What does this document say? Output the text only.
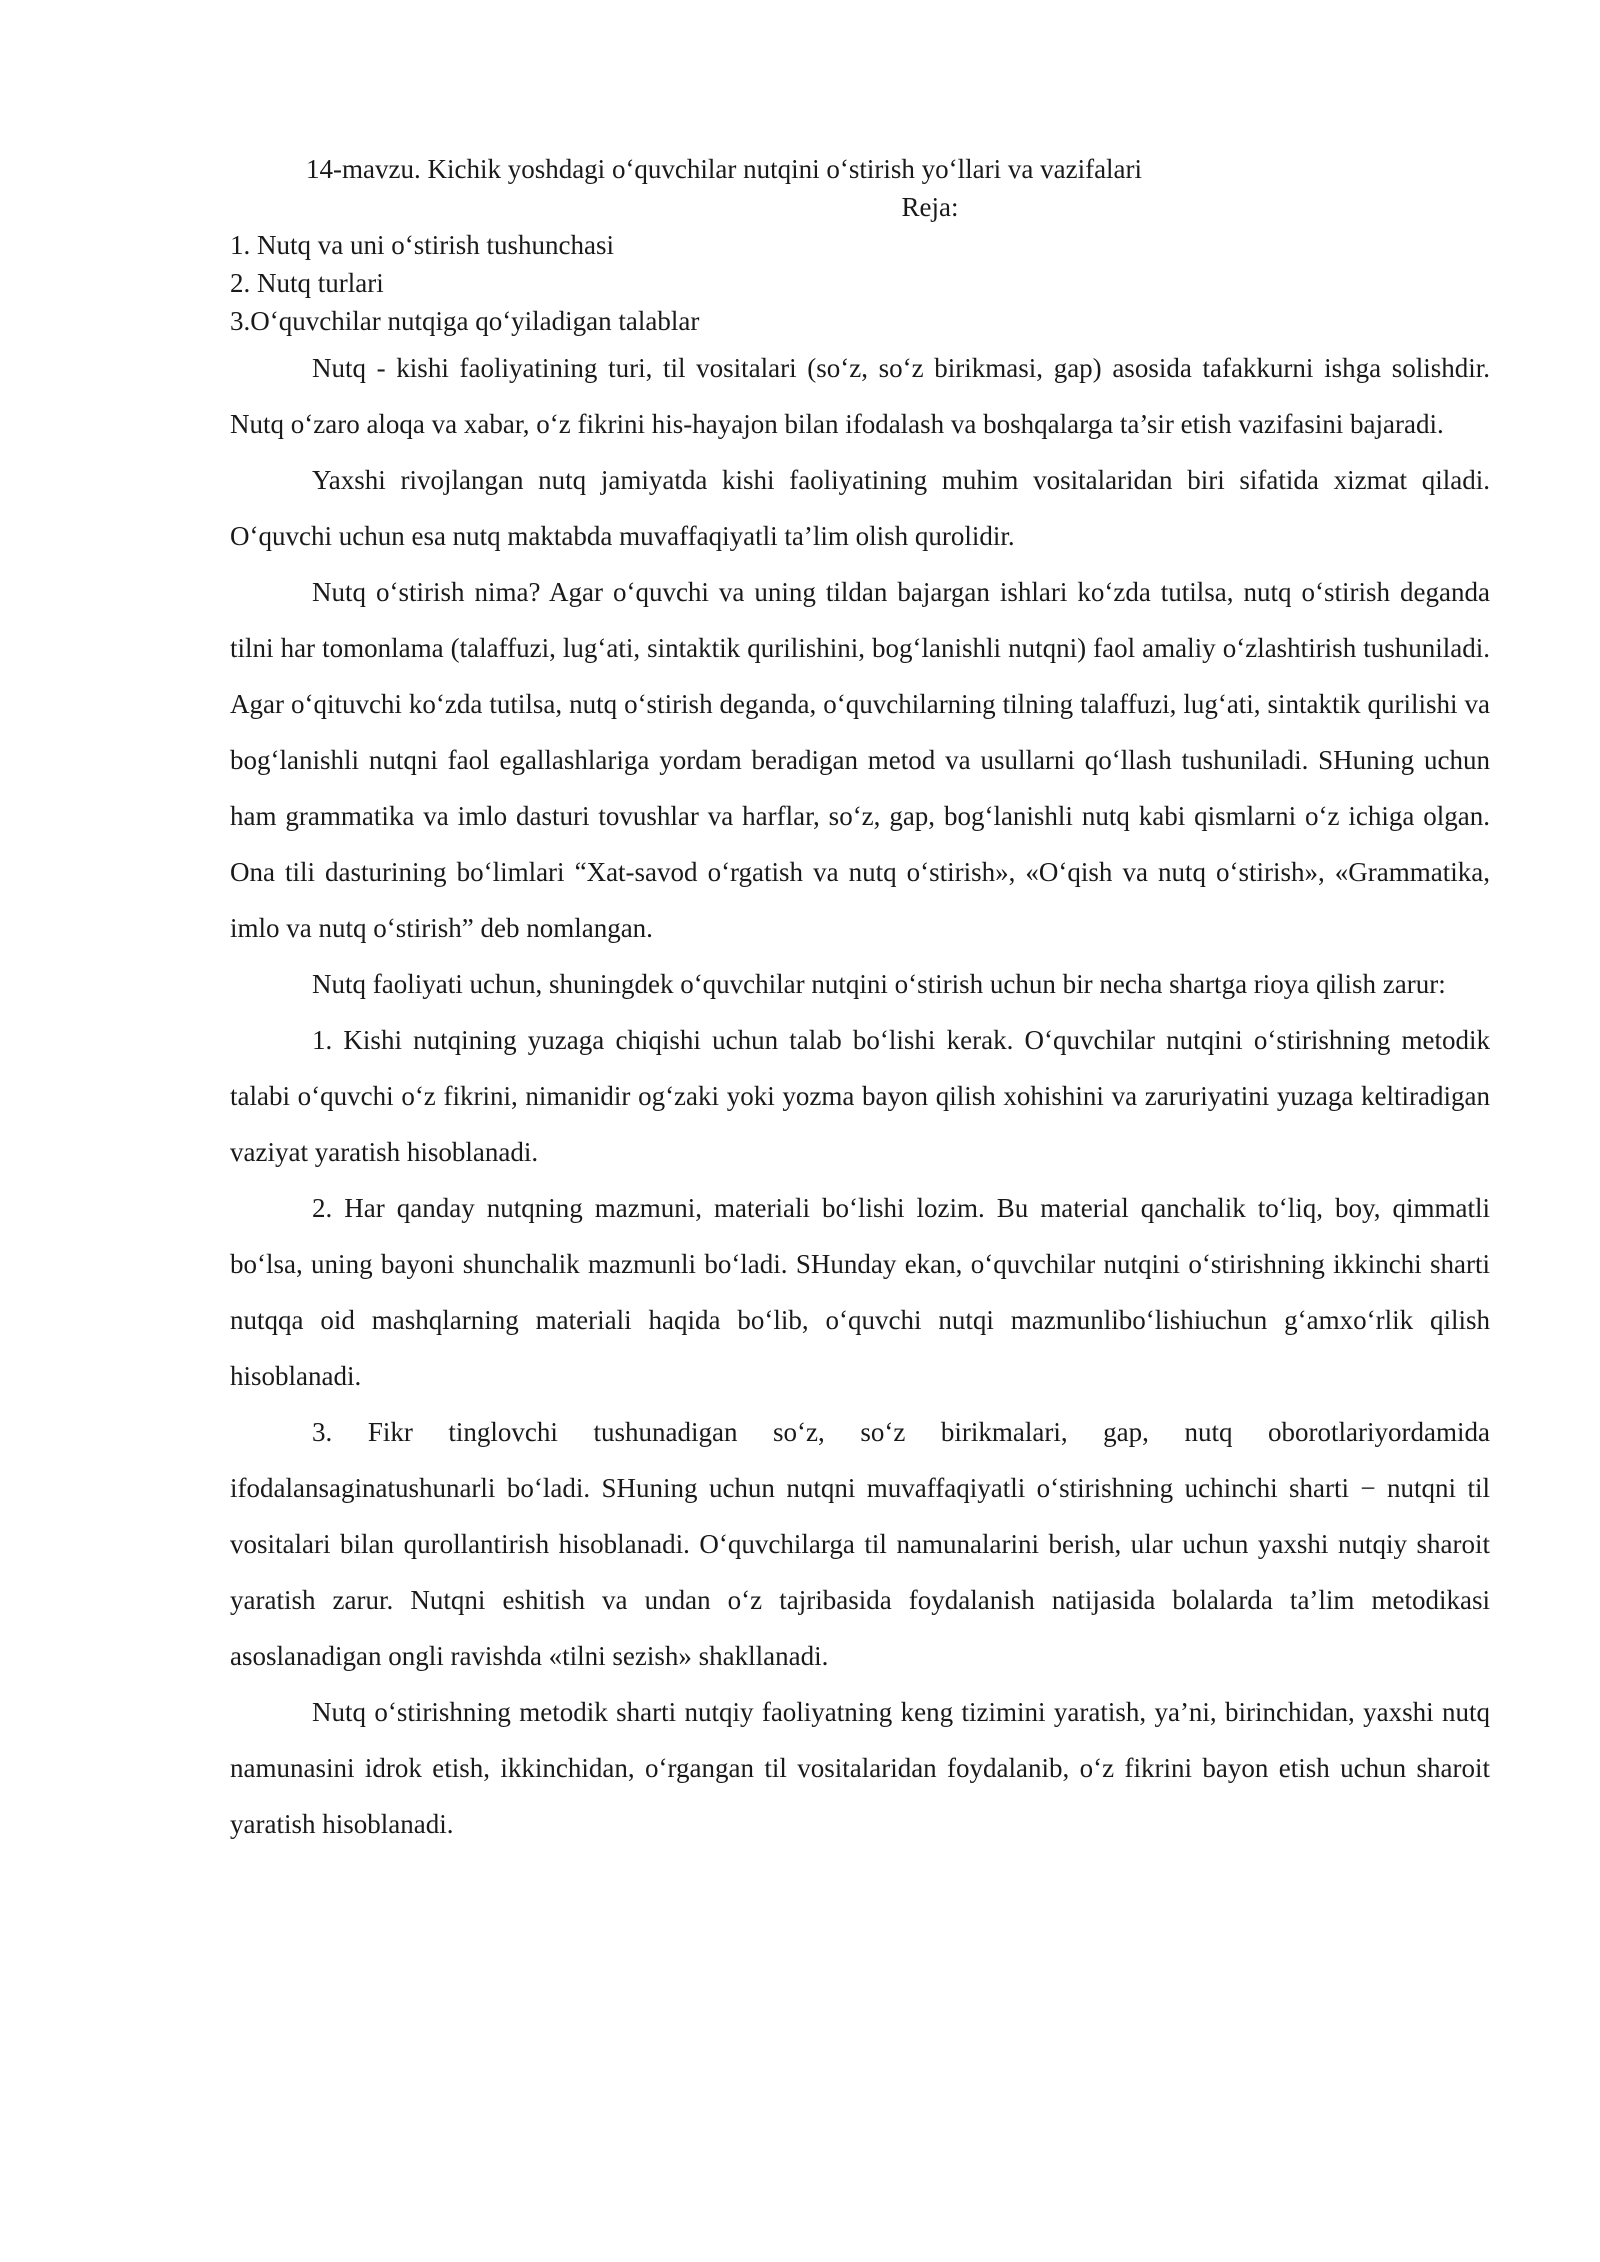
14-mavzu. Kichik yoshdagi o‘quvchilar nutqini o‘stirish yo‘llari va vazifalari
Reja:
1. Nutq va uni o‘stirish tushunchasi
2. Nutq turlari
3.O‘quvchilar nutqiga qo‘yiladigan talablar

Nutq - kishi faoliyatining turi, til vositalari (so‘z, so‘z birikmasi, gap) asosida tafakkurni ishga solishdir. Nutq o‘zaro aloqa va xabar, o‘z fikrini his-hayajon bilan ifodalash va boshqalarga ta’sir etish vazifasini bajaradi.

Yaxshi rivojlangan nutq jamiyatda kishi faoliyatining muhim vositalaridan biri sifatida xizmat qiladi. O‘quvchi uchun esa nutq maktabda muvaffaqiyatli ta’lim olish qurolidir.

Nutq o‘stirish nima? Agar o‘quvchi va uning tildan bajargan ishlari ko‘zda tutilsa, nutq o‘stirish deganda tilni har tomonlama (talaffuzi, lug‘ati, sintaktik qurilishini, bog‘lanishli nutqni) faol amaliy o‘zlashtirish tushuniladi. Agar o‘qituvchi ko‘zda tutilsa, nutq o‘stirish deganda, o‘quvchilarning tilning talaffuzi, lug‘ati, sintaktik qurilishi va bog‘lanishli nutqni faol egallashlariga yordam beradigan metod va usullarni qo‘llash tushuniladi. SHuning uchun ham grammatika va imlo dasturi tovushlar va harflar, so‘z, gap, bog‘lanishli nutq kabi qismlarni o‘z ichiga olgan. Ona tili dasturining bo‘limlari “Xat-savod o‘rgatish va nutq o‘stirish», «O‘qish va nutq o‘stirish», «Grammatika, imlo va nutq o‘stirish” deb nomlangan.

Nutq faoliyati uchun, shuningdek o‘quvchilar nutqini o‘stirish uchun bir necha shartga rioya qilish zarur:

1. Kishi nutqining yuzaga chiqishi uchun talab bo‘lishi kerak. O‘quvchilar nutqini o‘stirishning metodik talabi o‘quvchi o‘z fikrini, nimanidir og‘zaki yoki yozma bayon qilish xohishini va zaruriyatini yuzaga keltiradigan vaziyat yaratish hisoblanadi.

2. Har qanday nutqning mazmuni, materiali bo‘lishi lozim. Bu material qanchalik to‘liq, boy, qimmatli bo‘lsa, uning bayoni shunchalik mazmunli bo‘ladi. SHunday ekan, o‘quvchilar nutqini o‘stirishning ikkinchi sharti nutqqa oid mashqlarning materiali haqida bo‘lib, o‘quvchi nutqi mazmunlibo‘lishiuchun g‘amxo‘rlik qilish hisoblanadi.

3. Fikr tinglovchi tushunadigan so‘z, so‘z birikmalari, gap, nutq oborotlariyordamida ifodalansaginatushunarli bo‘ladi. SHuning uchun nutqni muvaffaqiyatli o‘stirishning uchinchi sharti − nutqni til vositalari bilan qurollantirish hisoblanadi. O‘quvchilarga til namunalarini berish, ular uchun yaxshi nutqiy sharoit yaratish zarur. Nutqni eshitish va undan o‘z tajribasida foydalanish natijasida bolalarda ta’lim metodikasi asoslanadigan ongli ravishda «tilni sezish» shakllanadi.

Nutq o‘stirishning metodik sharti nutqiy faoliyatning keng tizimini yaratish, ya’ni, birinchidan, yaxshi nutq namunasini idrok etish, ikkinchidan, o‘rgangan til vositalaridan foydalanib, o‘z fikrini bayon etish uchun sharoit yaratish hisoblanadi.
